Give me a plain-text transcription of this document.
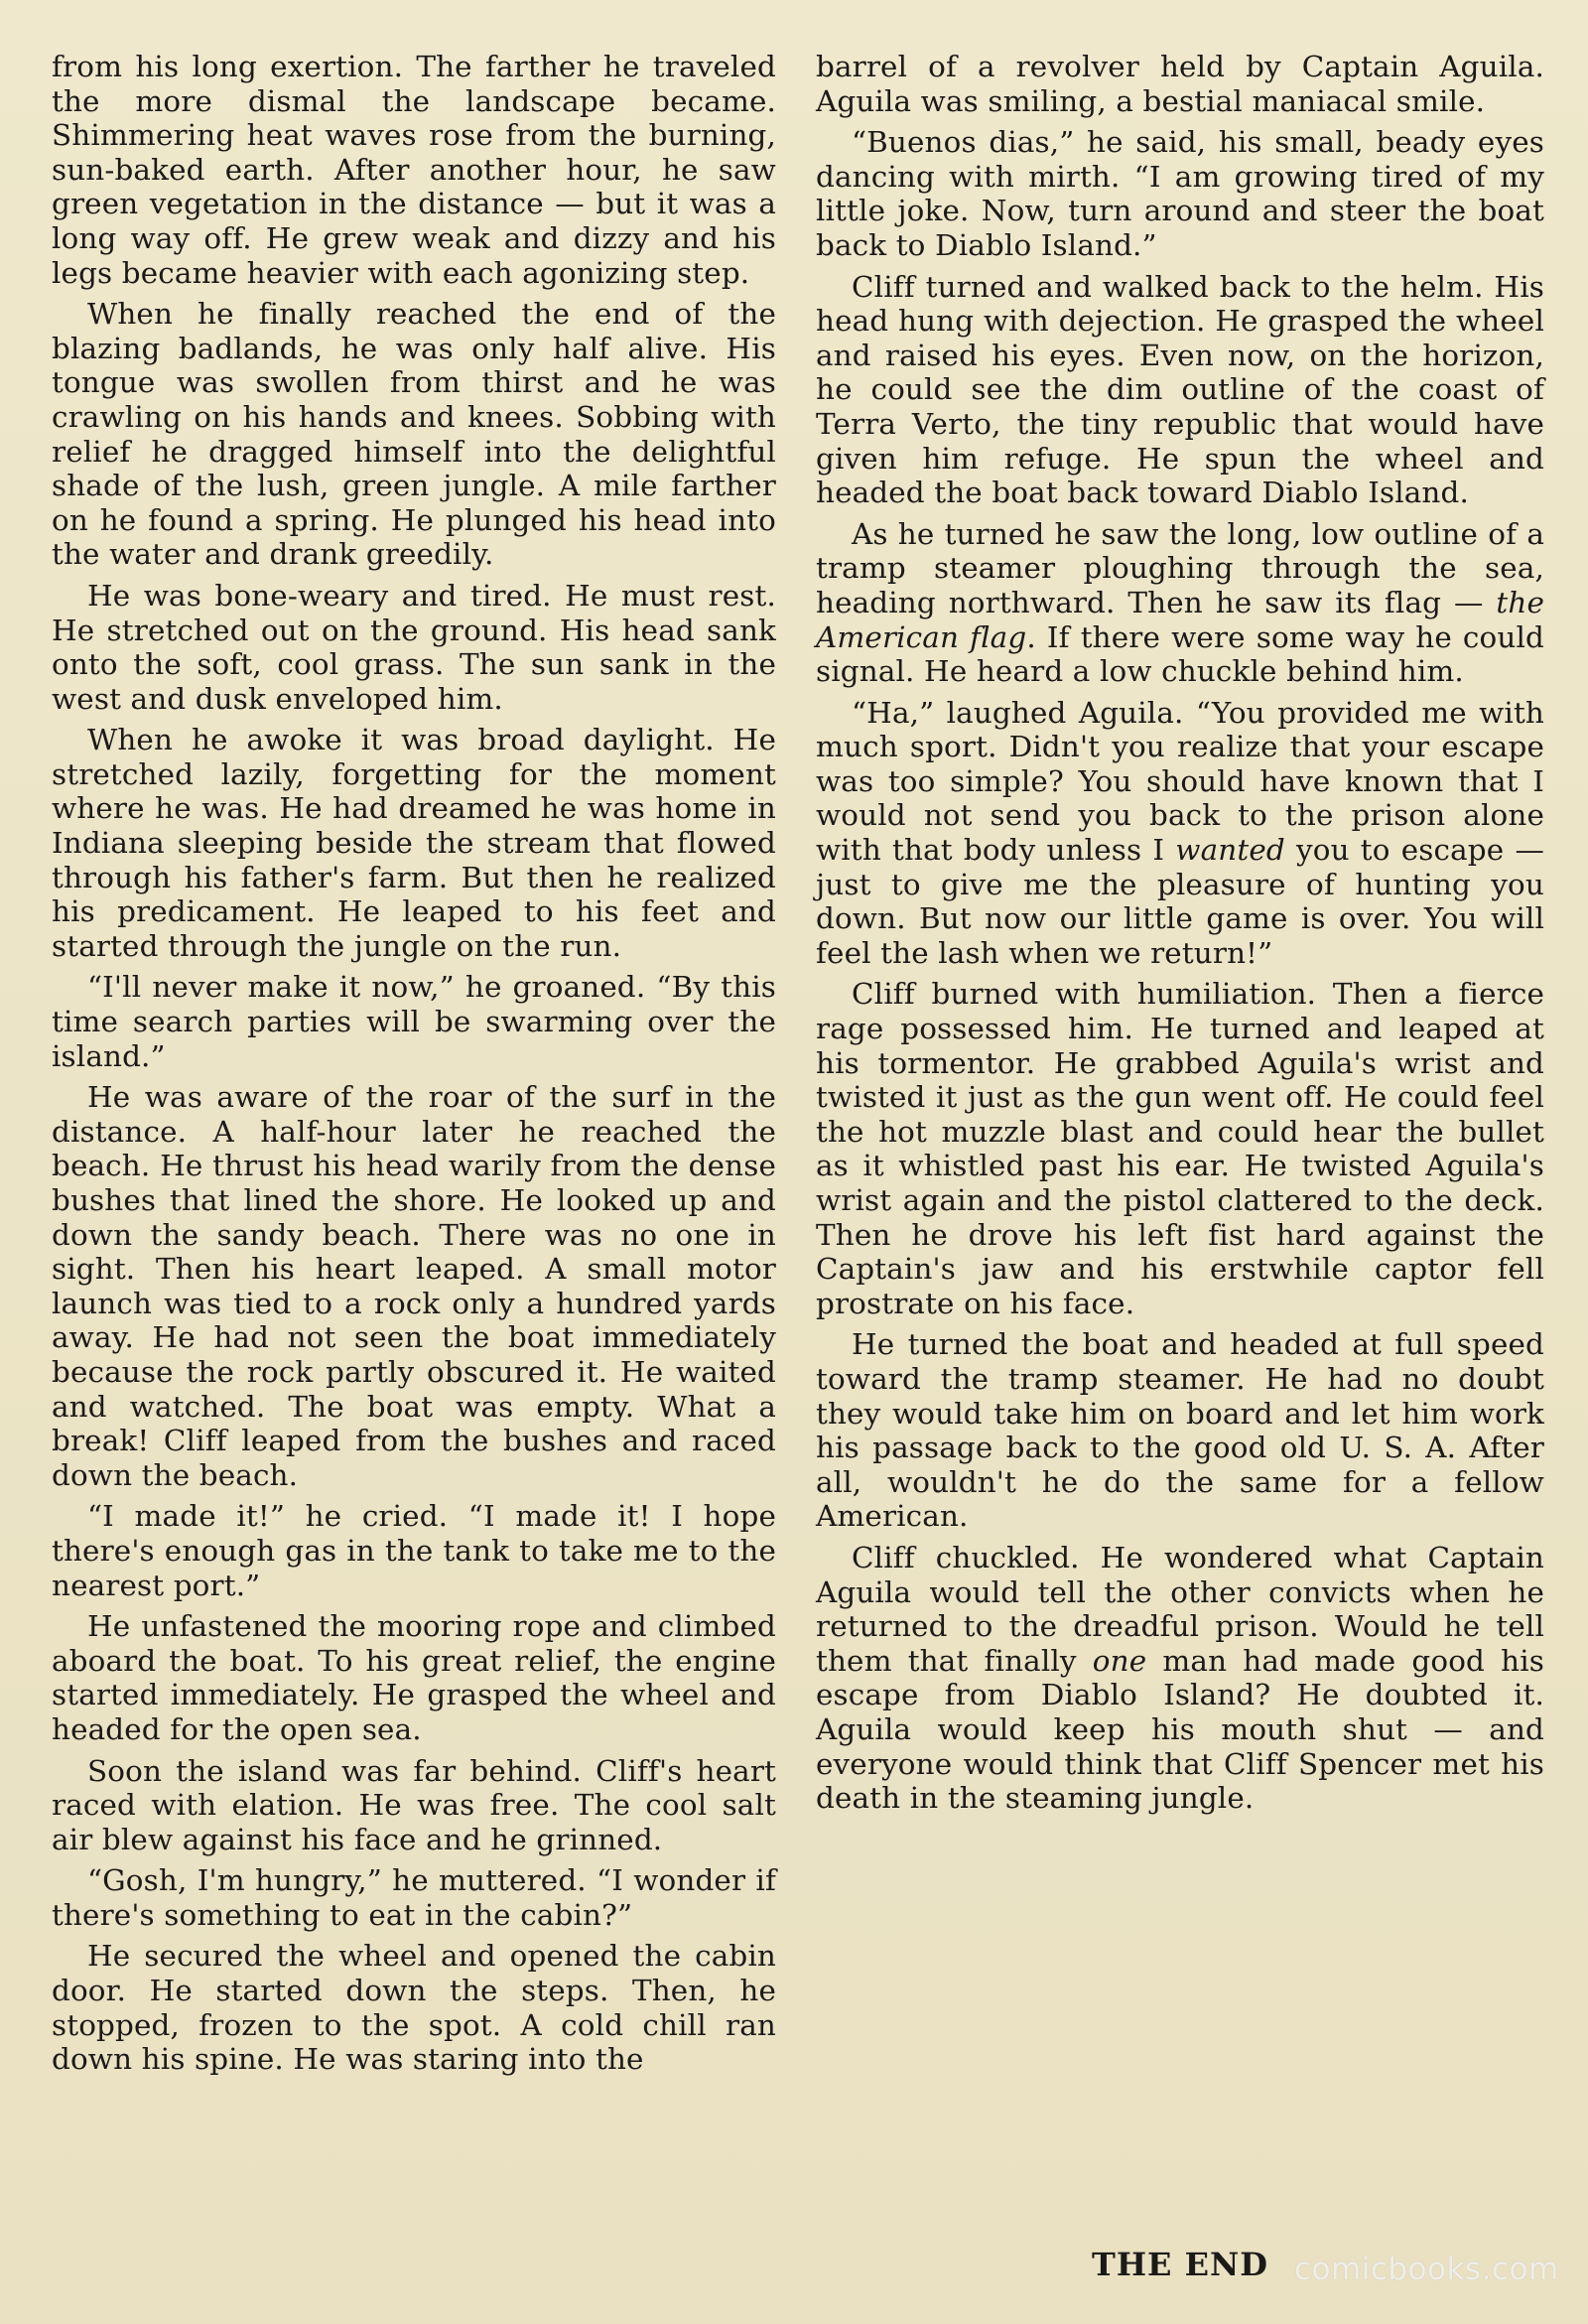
from his long exertion. The farther he traveled the more dismal the landscape became. Shimmering heat waves rose from the burning, sun-baked earth. After another hour, he saw green vegetation in the distance — but it was a long way off. He grew weak and dizzy and his legs became heavier with each agonizing step.

When he finally reached the end of the blazing badlands, he was only half alive. His tongue was swollen from thirst and he was crawling on his hands and knees. Sobbing with relief he dragged himself into the delightful shade of the lush, green jungle. A mile farther on he found a spring. He plunged his head into the water and drank greedily.

He was bone-weary and tired. He must rest. He stretched out on the ground. His head sank onto the soft, cool grass. The sun sank in the west and dusk enveloped him.

When he awoke it was broad daylight. He stretched lazily, forgetting for the moment where he was. He had dreamed he was home in Indiana sleeping beside the stream that flowed through his father's farm. But then he realized his predicament. He leaped to his feet and started through the jungle on the run.

“I'll never make it now,” he groaned. “By this time search parties will be swarming over the island.”

He was aware of the roar of the surf in the distance. A half-hour later he reached the beach. He thrust his head warily from the dense bushes that lined the shore. He looked up and down the sandy beach. There was no one in sight. Then his heart leaped. A small motor launch was tied to a rock only a hundred yards away. He had not seen the boat immediately because the rock partly obscured it. He waited and watched. The boat was empty. What a break! Cliff leaped from the bushes and raced down the beach.

“I made it!” he cried. “I made it! I hope there's enough gas in the tank to take me to the nearest port.”

He unfastened the mooring rope and climbed aboard the boat. To his great relief, the engine started immediately. He grasped the wheel and headed for the open sea.

Soon the island was far behind. Cliff's heart raced with elation. He was free. The cool salt air blew against his face and he grinned.

“Gosh, I'm hungry,” he muttered. “I wonder if there's something to eat in the cabin?”

He secured the wheel and opened the cabin door. He started down the steps. Then, he stopped, frozen to the spot. A cold chill ran down his spine. He was staring into the

barrel of a revolver held by Captain Aguila. Aguila was smiling, a bestial maniacal smile.

“Buenos dias,” he said, his small, beady eyes dancing with mirth. “I am growing tired of my little joke. Now, turn around and steer the boat back to Diablo Island.”

Cliff turned and walked back to the helm. His head hung with dejection. He grasped the wheel and raised his eyes. Even now, on the horizon, he could see the dim outline of the coast of Terra Verto, the tiny republic that would have given him refuge. He spun the wheel and headed the boat back toward Diablo Island.

As he turned he saw the long, low outline of a tramp steamer ploughing through the sea, heading northward. Then he saw its flag — the American flag. If there were some way he could signal. He heard a low chuckle behind him.

“Ha,” laughed Aguila. “You provided me with much sport. Didn't you realize that your escape was too simple? You should have known that I would not send you back to the prison alone with that body unless I wanted you to escape — just to give me the pleasure of hunting you down. But now our little game is over. You will feel the lash when we return!”

Cliff burned with humiliation. Then a fierce rage possessed him. He turned and leaped at his tormentor. He grabbed Aguila's wrist and twisted it just as the gun went off. He could feel the hot muzzle blast and could hear the bullet as it whistled past his ear. He twisted Aguila's wrist again and the pistol clattered to the deck. Then he drove his left fist hard against the Captain's jaw and his erstwhile captor fell prostrate on his face.

He turned the boat and headed at full speed toward the tramp steamer. He had no doubt they would take him on board and let him work his passage back to the good old U. S. A. After all, wouldn't he do the same for a fellow American.

Cliff chuckled. He wondered what Captain Aguila would tell the other convicts when he returned to the dreadful prison. Would he tell them that finally one man had made good his escape from Diablo Island? He doubted it. Aguila would keep his mouth shut — and everyone would think that Cliff Spencer met his death in the steaming jungle.

THE END comicbooks.com
